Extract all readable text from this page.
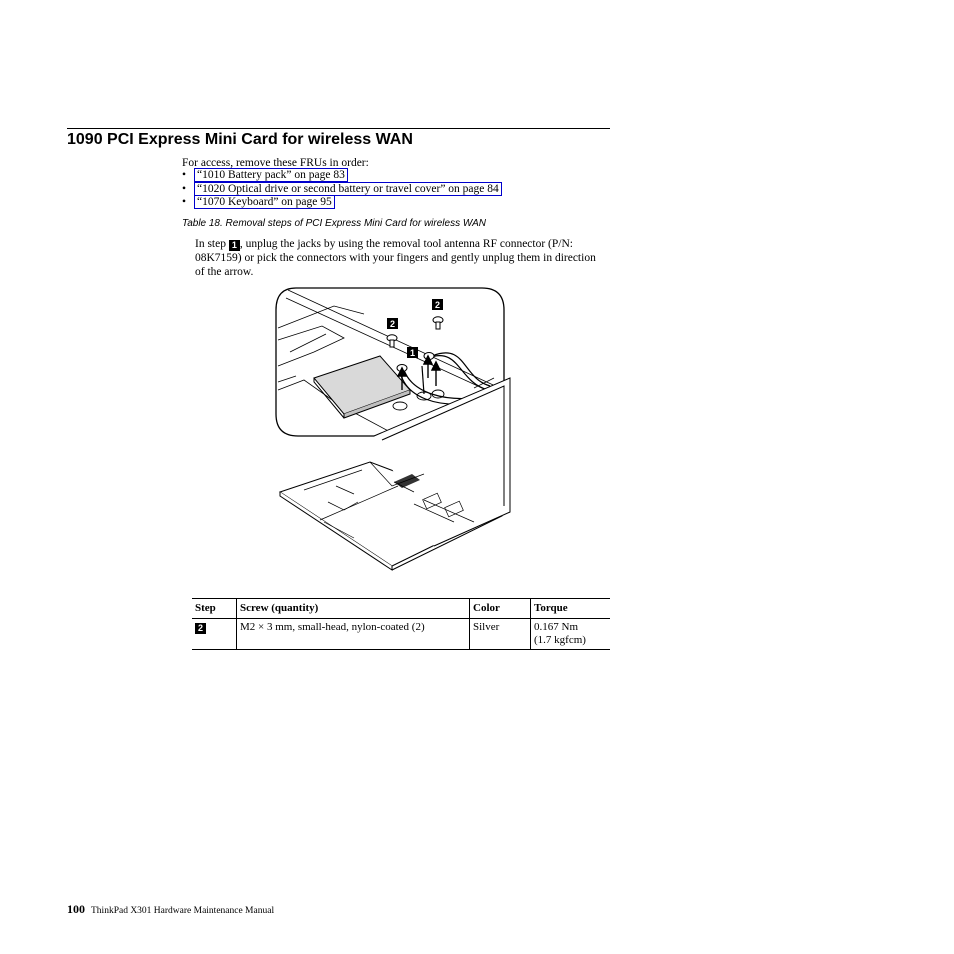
1090 PCI Express Mini Card for wireless WAN
For access, remove these FRUs in order:
• “1010 Battery pack” on page 83
• “1020 Optical drive or second battery or travel cover” on page 84
• “1070 Keyboard” on page 95
Table 18. Removal steps of PCI Express Mini Card for wireless WAN
In step 1 , unplug the jacks by using the removal tool antenna RF connector (P/N: 08K7159) or pick the connectors with your fingers and gently unplug them in direction of the arrow.
2
2
1
Step	Screw (quantity)	Color	Torque
2	M2 × 3 mm, small-head, nylon-coated (2)	Silver	0.167 Nm
(1.7 kgfcm)
100 ThinkPad X301 Hardware Maintenance Manual
